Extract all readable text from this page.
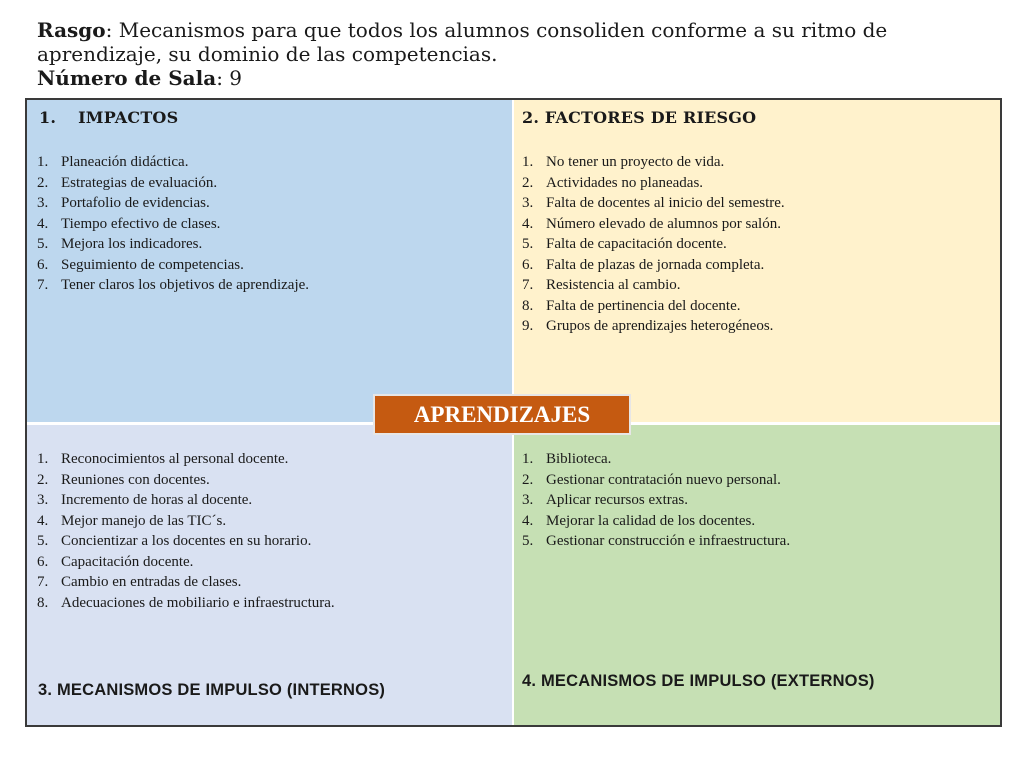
Rasgo: Mecanismos para que todos los alumnos consoliden conforme a su ritmo de aprendizaje, su dominio de las competencias.
Número de Sala: 9
1. IMPACTOS
1. Planeación didáctica.
2. Estrategias de evaluación.
3. Portafolio de evidencias.
4. Tiempo efectivo de clases.
5. Mejora los indicadores.
6. Seguimiento de competencias.
7. Tener claros los objetivos de aprendizaje.
2. FACTORES DE RIESGO
1. No tener un proyecto de vida.
2. Actividades no planeadas.
3. Falta de docentes al inicio del semestre.
4. Número elevado de alumnos por salón.
5. Falta de capacitación docente.
6. Falta de plazas de jornada completa.
7. Resistencia al cambio.
8. Falta de pertinencia del docente.
9. Grupos de aprendizajes heterogéneos.
1. Reconocimientos al personal docente.
2. Reuniones con docentes.
3. Incremento de horas al docente.
4. Mejor manejo de las TIC´s.
5. Concientizar a los docentes en su horario.
6. Capacitación docente.
7. Cambio en entradas de clases.
8. Adecuaciones de mobiliario e infraestructura.
3. MECANISMOS DE IMPULSO (INTERNOS)
1. Biblioteca.
2. Gestionar contratación nuevo personal.
3. Aplicar recursos extras.
4. Mejorar la calidad de los docentes.
5. Gestionar construcción e infraestructura.
4. MECANISMOS DE IMPULSO (EXTERNOS)
APRENDIZAJES
